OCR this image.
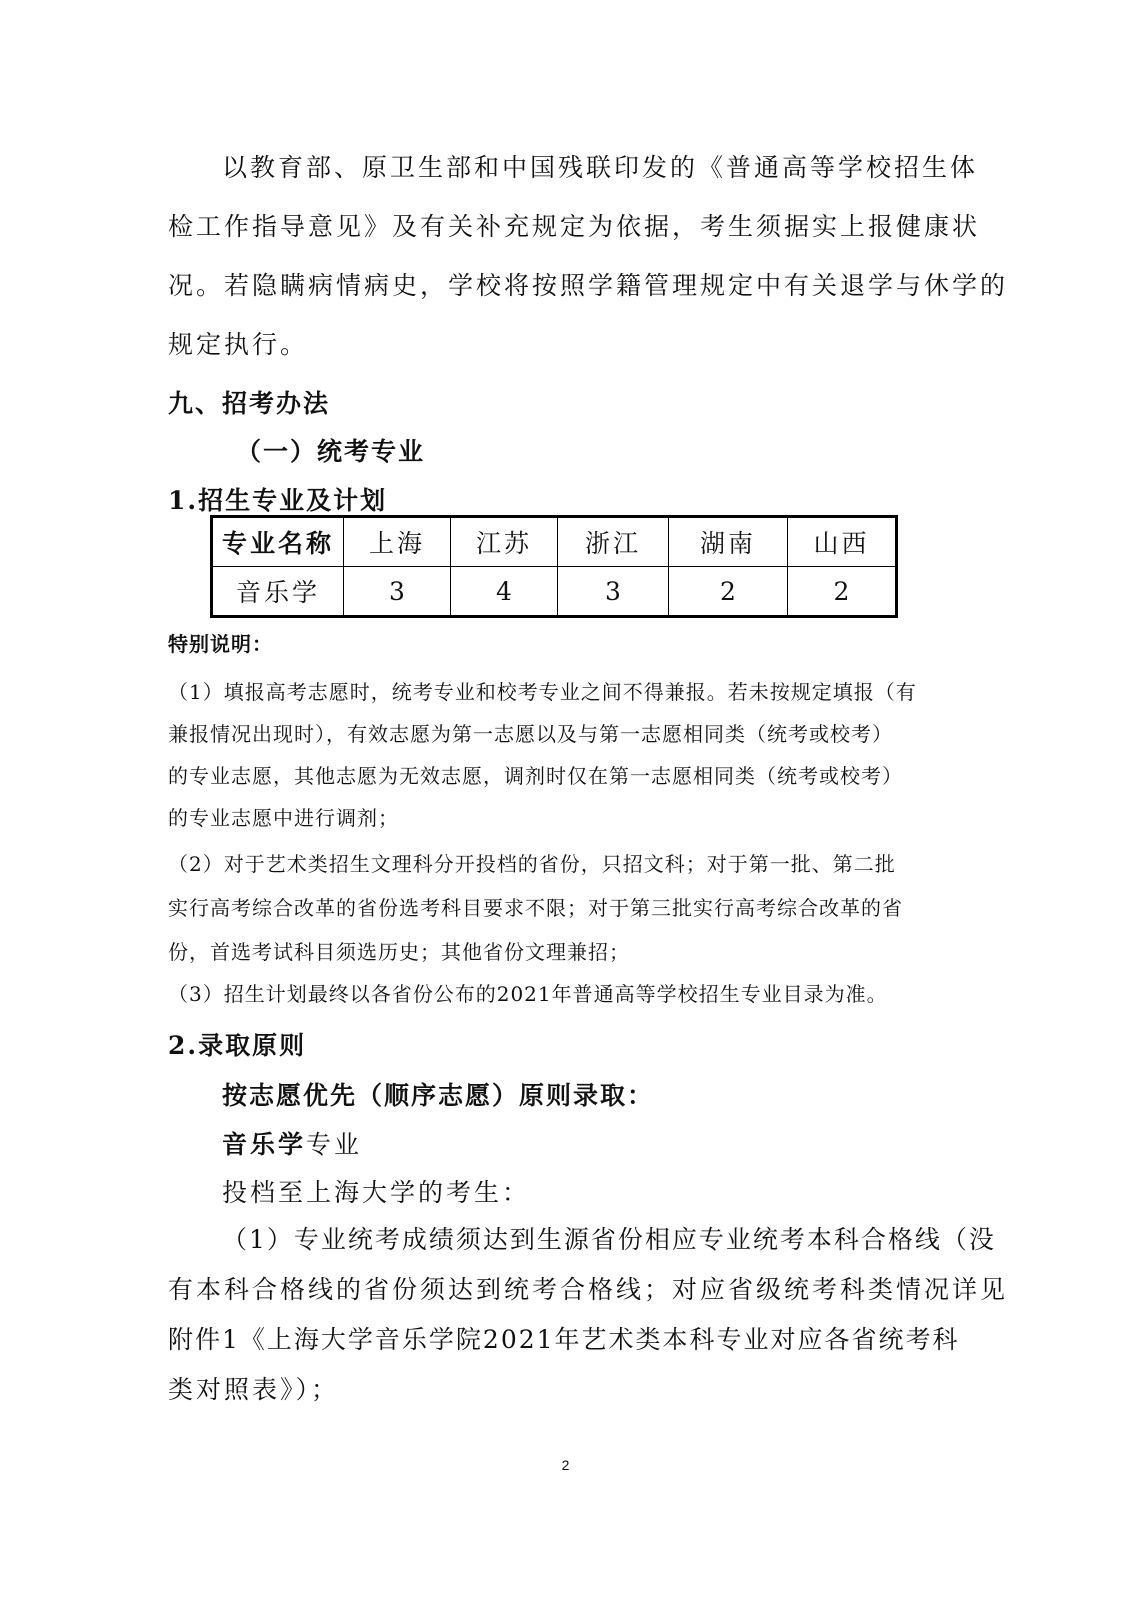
以教育部、原卫生部和中国残联印发的《普通高等学校招生体
检工作指导意见》及有关补充规定为依据，考生须据实上报健康状
况。若隐瞒病情病史，学校将按照学籍管理规定中有关退学与休学的
规定执行。
九、招考办法
（一）统考专业
1.招生专业及计划
专业名称	上海	江苏	浙江	湖南	山西
音乐学	3	4	3	2	2
特别说明：
（1）填报高考志愿时，统考专业和校考专业之间不得兼报。若未按规定填报（有
兼报情况出现时），有效志愿为第一志愿以及与第一志愿相同类（统考或校考）
的专业志愿，其他志愿为无效志愿，调剂时仅在第一志愿相同类（统考或校考）
的专业志愿中进行调剂；
（2）对于艺术类招生文理科分开投档的省份，只招文科；对于第一批、第二批
实行高考综合改革的省份选考科目要求不限；对于第三批实行高考综合改革的省
份，首选考试科目须选历史；其他省份文理兼招；
（3）招生计划最终以各省份公布的2021年普通高等学校招生专业目录为准。
2.录取原则
按志愿优先（顺序志愿）原则录取：
音乐学专业
投档至上海大学的考生：
（1）专业统考成绩须达到生源省份相应专业统考本科合格线（没
有本科合格线的省份须达到统考合格线；对应省级统考科类情况详见
附件1《上海大学音乐学院2021年艺术类本科专业对应各省统考科
类对照表》）；
2
